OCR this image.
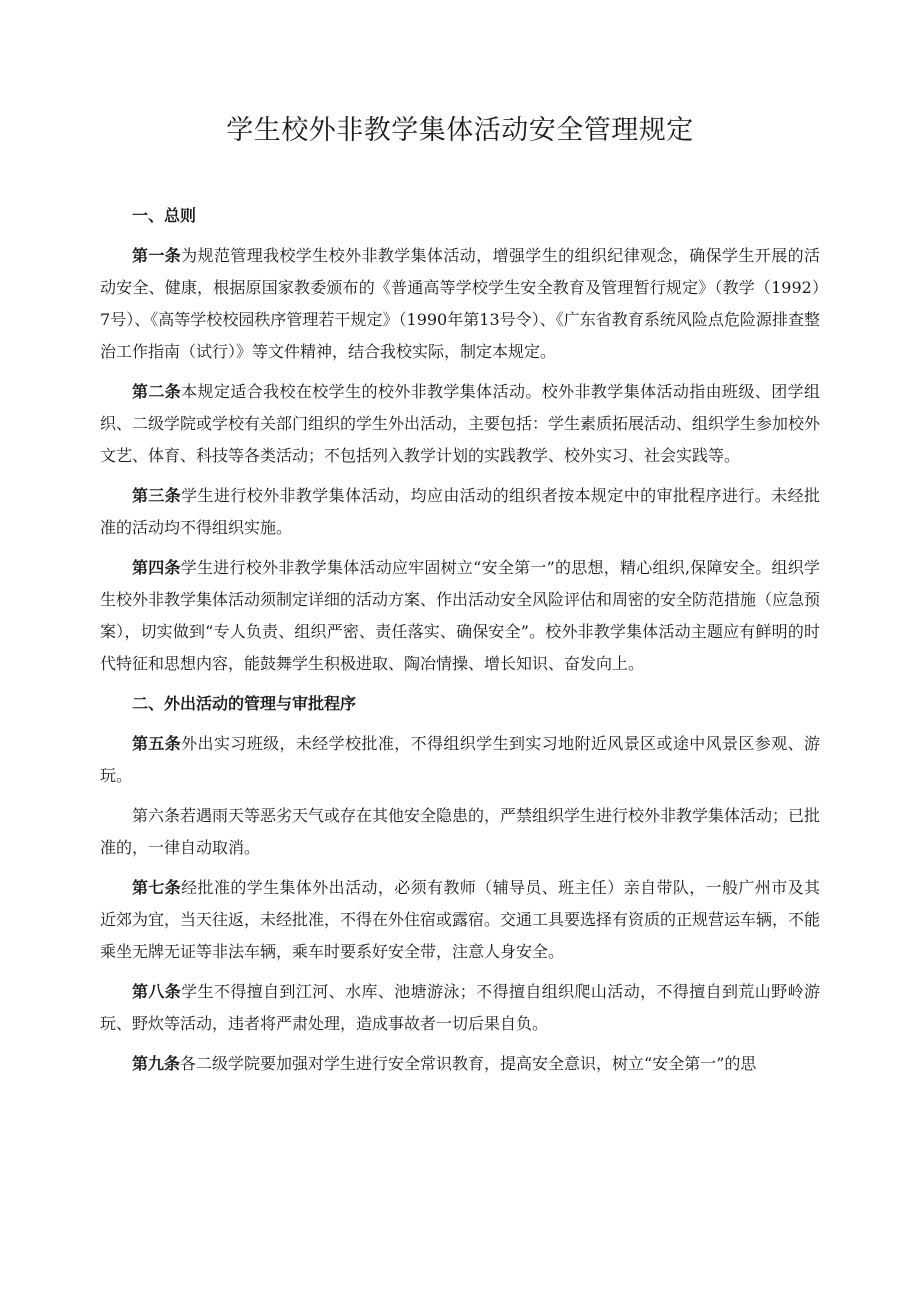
学生校外非教学集体活动安全管理规定

一、总则

第一条为规范管理我校学生校外非教学集体活动，增强学生的组织纪律观念，确保学生开展的活动安全、健康，根据原国家教委颁布的《普通高等学校学生安全教育及管理暂行规定》（教学（1992）7号）、《高等学校校园秩序管理若干规定》（1990年第13号令）、《广东省教育系统风险点危险源排查整治工作指南（试行）》等文件精神，结合我校实际，制定本规定。

第二条本规定适合我校在校学生的校外非教学集体活动。校外非教学集体活动指由班级、团学组织、二级学院或学校有关部门组织的学生外出活动，主要包括：学生素质拓展活动、组织学生参加校外文艺、体育、科技等各类活动；不包括列入教学计划的实践教学、校外实习、社会实践等。

第三条学生进行校外非教学集体活动，均应由活动的组织者按本规定中的审批程序进行。未经批准的活动均不得组织实施。

第四条学生进行校外非教学集体活动应牢固树立“安全第一”的思想，精心组织,保障安全。组织学生校外非教学集体活动须制定详细的活动方案、作出活动安全风险评估和周密的安全防范措施（应急预案），切实做到“专人负责、组织严密、责任落实、确保安全”。校外非教学集体活动主题应有鲜明的时代特征和思想内容，能鼓舞学生积极进取、陶冶情操、增长知识、奋发向上。

二、外出活动的管理与审批程序

第五条外出实习班级，未经学校批准，不得组织学生到实习地附近风景区或途中风景区参观、游玩。

第六条若遇雨天等恶劣天气或存在其他安全隐患的，严禁组织学生进行校外非教学集体活动；已批准的，一律自动取消。

第七条经批准的学生集体外出活动，必须有教师（辅导员、班主任）亲自带队，一般广州市及其近郊为宜，当天往返，未经批准，不得在外住宿或露宿。交通工具要选择有资质的正规营运车辆，不能乘坐无牌无证等非法车辆，乘车时要系好安全带，注意人身安全。

第八条学生不得擅自到江河、水库、池塘游泳；不得擅自组织爬山活动，不得擅自到荒山野岭游玩、野炊等活动，违者将严肃处理，造成事故者一切后果自负。

第九条各二级学院要加强对学生进行安全常识教育，提高安全意识，树立“安全第一”的思
